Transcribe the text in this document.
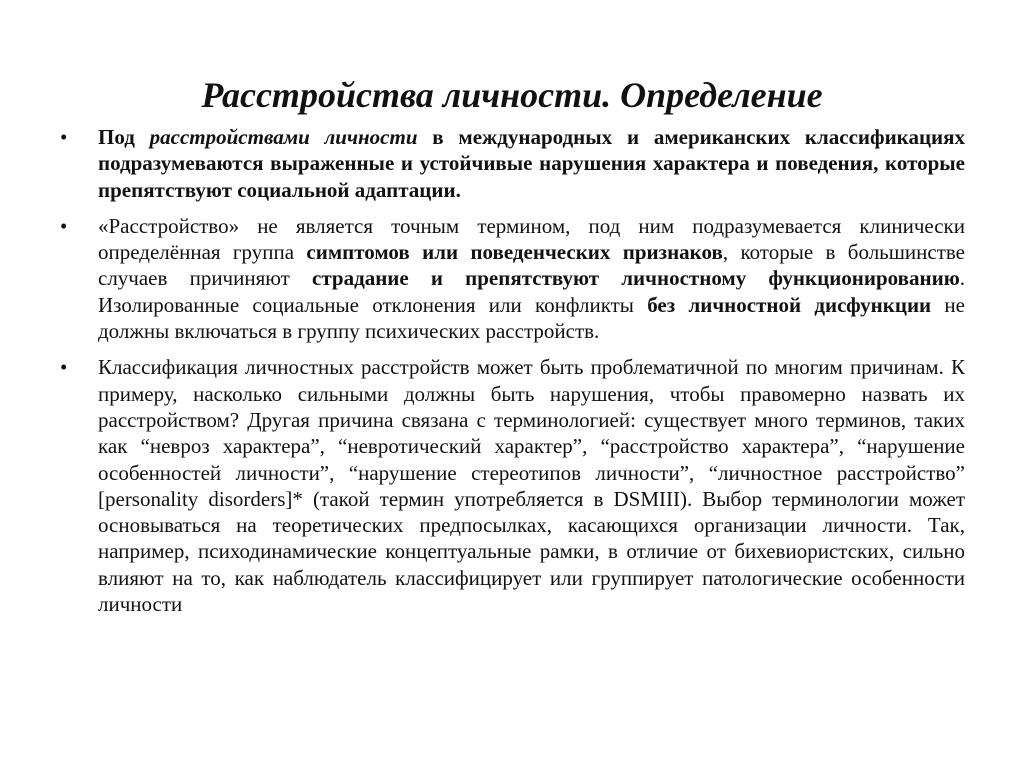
Расстройства личности. Определение
•	Под расстройствами личности в международных и американских классификациях подразумеваются выраженные и устойчивые нарушения характера и поведения, которые препятствуют социальной адаптации.
•	«Расстройство» не является точным термином, под ним подразумевается клинически определённая группа симптомов или поведенческих признаков, которые в большинстве случаев причиняют страдание и препятствуют личностному функционированию. Изолированные социальные отклонения или конфликты без личностной дисфункции не должны включаться в группу психических расстройств.
•	Классификация личностных расстройств может быть проблематичной по многим причинам. К примеру, насколько сильными должны быть нарушения, чтобы правомерно назвать их расстройством? Другая причина связана с терминологией: существует много терминов, таких как “невроз характера”, “невротический характер”, “расстройство характера”, “нарушение особенностей личности”, “нарушение стереотипов личности”, “личностное расстройство” [personality disorders]* (такой термин употребляется в DSMIII). Выбор терминологии может основываться на теоретических предпосылках, касающихся организации личности. Так, например, психодинамические концептуальные рамки, в отличие от бихевиористских, сильно влияют на то, как наблюдатель классифицирует или группирует патологические особенности личности
